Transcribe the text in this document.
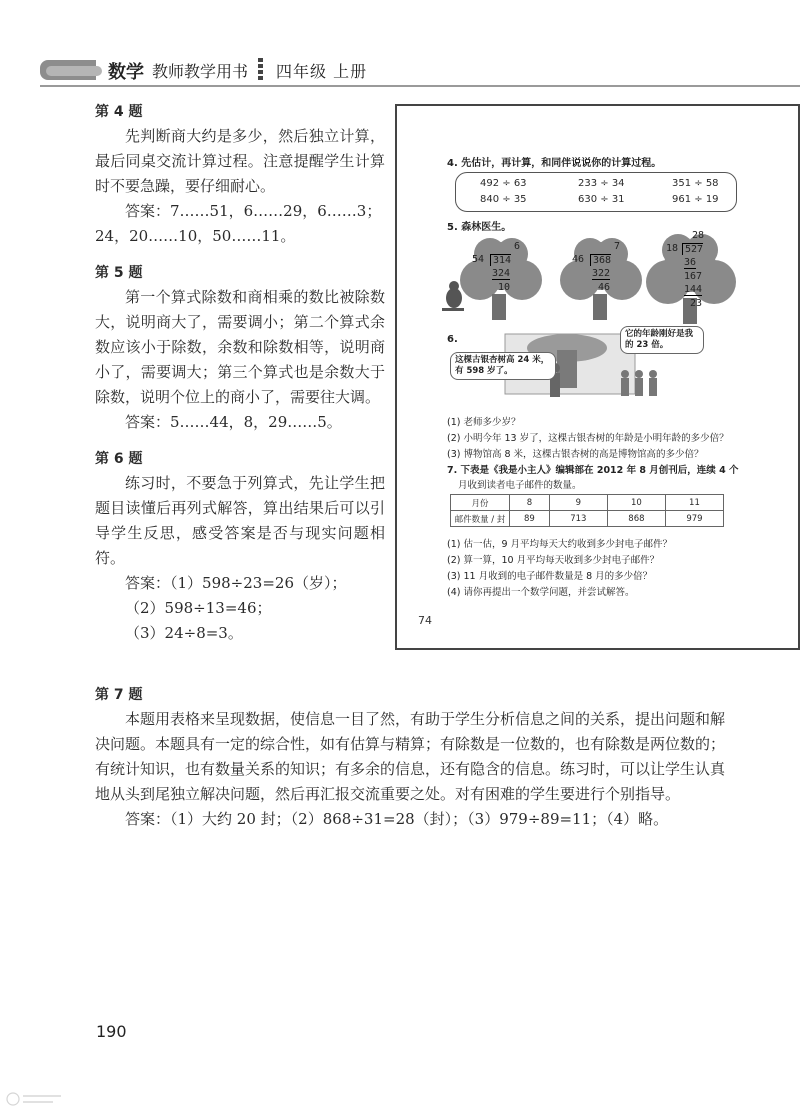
数学 教师教学用书 四年级 上册

第 4 题

先判断商大约是多少，然后独立计算，最后同桌交流计算过程。注意提醒学生计算时不要急躁，要仔细耐心。

答案：7……51，6……29，6……3；

24，20……10，50……11。

第 5 题

第一个算式除数和商相乘的数比被除数大，说明商大了，需要调小；第二个算式余数应该小于除数，余数和除数相等，说明商小了，需要调大；第三个算式也是余数大于除数，说明个位上的商小了，需要往大调。

答案：5……44，8，29……5。

第 6 题

练习时，不要急于列算式，先让学生把题目读懂后再列式解答，算出结果后可以引导学生反思，感受答案是否与现实问题相符。

答案：（1）598÷23=26（岁）；

（2）598÷13=46；

（3）24÷8=3。

第 7 题

本题用表格来呈现数据，使信息一目了然，有助于学生分析信息之间的关系，提出问题和解决问题。本题具有一定的综合性，如有估算与精算；有除数是一位数的，也有除数是两位数的；有统计知识，也有数量关系的知识；有多余的信息，还有隐含的信息。练习时，可以让学生认真地从头到尾独立解决问题，然后再汇报交流重要之处。对有困难的学生要进行个别指导。

答案：（1）大约 20 封；（2）868÷31=28（封）；（3）979÷89=11；（4）略。

190
4. 先估计，再计算，和同伴说说你的计算过程。
492 ÷ 63	233 ÷ 34	351 ÷ 58
840 ÷ 35	630 ÷ 31	961 ÷ 19
5. 森林医生。
6
54 314
324
10
7
46 368
322
46
28
18 527
36
167
144
23
6.
这棵古银杏树高 24 米，有 598 岁了。
它的年龄刚好是我的 23 倍。
(1) 老师多少岁？
(2) 小明今年 13 岁了，这棵古银杏树的年龄是小明年龄的多少倍？
(3) 博物馆高 8 米，这棵古银杏树的高是博物馆高的多少倍？
7. 下表是《我是小主人》编辑部在 2012 年 8 月创刊后，连续 4 个
月收到读者电子邮件的数量。
月份	8	9	10	11
邮件数量 / 封	89	713	868	979
(1) 估一估，9 月平均每天大约收到多少封电子邮件？
(2) 算一算，10 月平均每天收到多少封电子邮件？
(3) 11 月收到的电子邮件数量是 8 月的多少倍？
(4) 请你再提出一个数学问题，并尝试解答。
74
